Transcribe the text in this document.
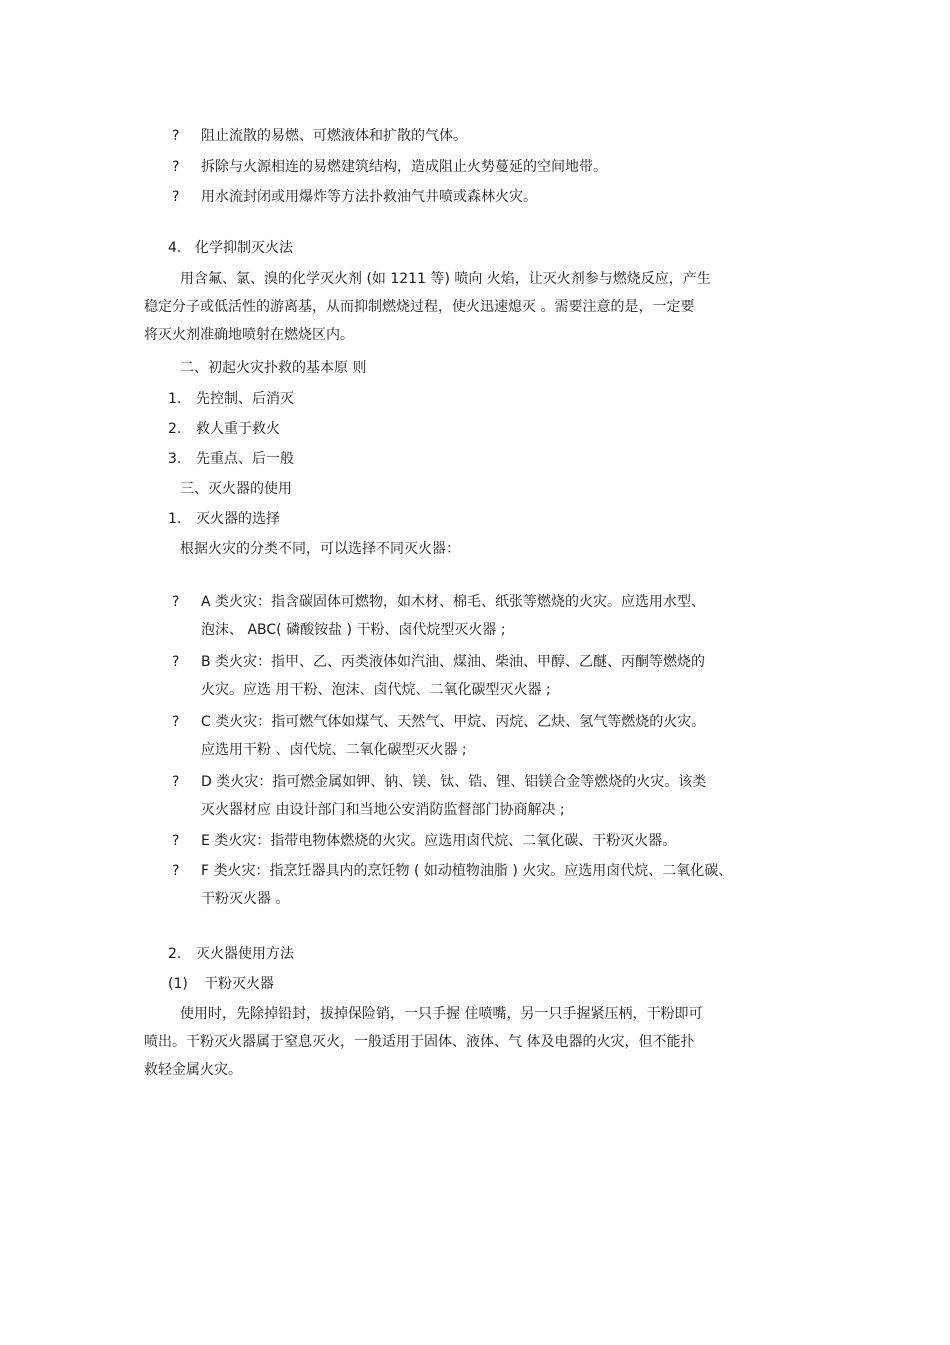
? 阻止流散的易燃、可燃液体和扩散的气体。
? 拆除与火源相连的易燃建筑结构，造成阻止火势蔓延的空间地带。
? 用水流封闭或用爆炸等方法扑救油气井喷或森林火灾。
4. 化学抑制灭火法
用含氟、氯、溴的化学灭火剂 (如 1211 等) 喷向 火焰，让灭火剂参与燃烧反应，产生
稳定分子或低活性的游离基，从而抑制燃烧过程，使火迅速熄灭 。需要注意的是，一定要
将灭火剂准确地喷射在燃烧区内。
二、初起火灾扑救的基本原 则
1. 先控制、后消灭
2. 救人重于救火
3. 先重点、后一般
三、灭火器的使用
1. 灭火器的选择
根据火灾的分类不同，可以选择不同灭火器：
? A 类火灾：指含碳固体可燃物，如木材、棉毛、纸张等燃烧的火灾。应选用水型、
泡沫、 ABC( 磷酸铵盐 ) 干粉、卤代烷型灭火器 ;
? B 类火灾：指甲、乙、丙类液体如汽油、煤油、柴油、甲醇、乙醚、丙酮等燃烧的
火灾。应选 用干粉、泡沫、卤代烷、二氧化碳型灭火器 ;
? C 类火灾：指可燃气体如煤气、天然气、甲烷、丙烷、乙炔、氢气等燃烧的火灾。
应选用干粉 、卤代烷、二氧化碳型灭火器 ;
? D 类火灾：指可燃金属如钾、钠、镁、钛、锆、锂、铝镁合金等燃烧的火灾。该类
灭火器材应 由设计部门和当地公安消防监督部门协商解决 ;
? E 类火灾：指带电物体燃烧的火灾。应选用卤代烷、二氧化碳、干粉灭火器。
? F 类火灾：指烹饪器具内的烹饪物 ( 如动植物油脂 ) 火灾。应选用卤代烷、二氧化碳、
干粉灭火器 。
2. 灭火器使用方法
(1) 干粉灭火器
使用时，先除掉铅封，拔掉保险销，一只手握 住喷嘴，另一只手握紧压柄，干粉即可
喷出。干粉灭火器属于窒息灭火，一般适用于固体、液体、气 体及电器的火灾，但不能扑
救轻金属火灾。
